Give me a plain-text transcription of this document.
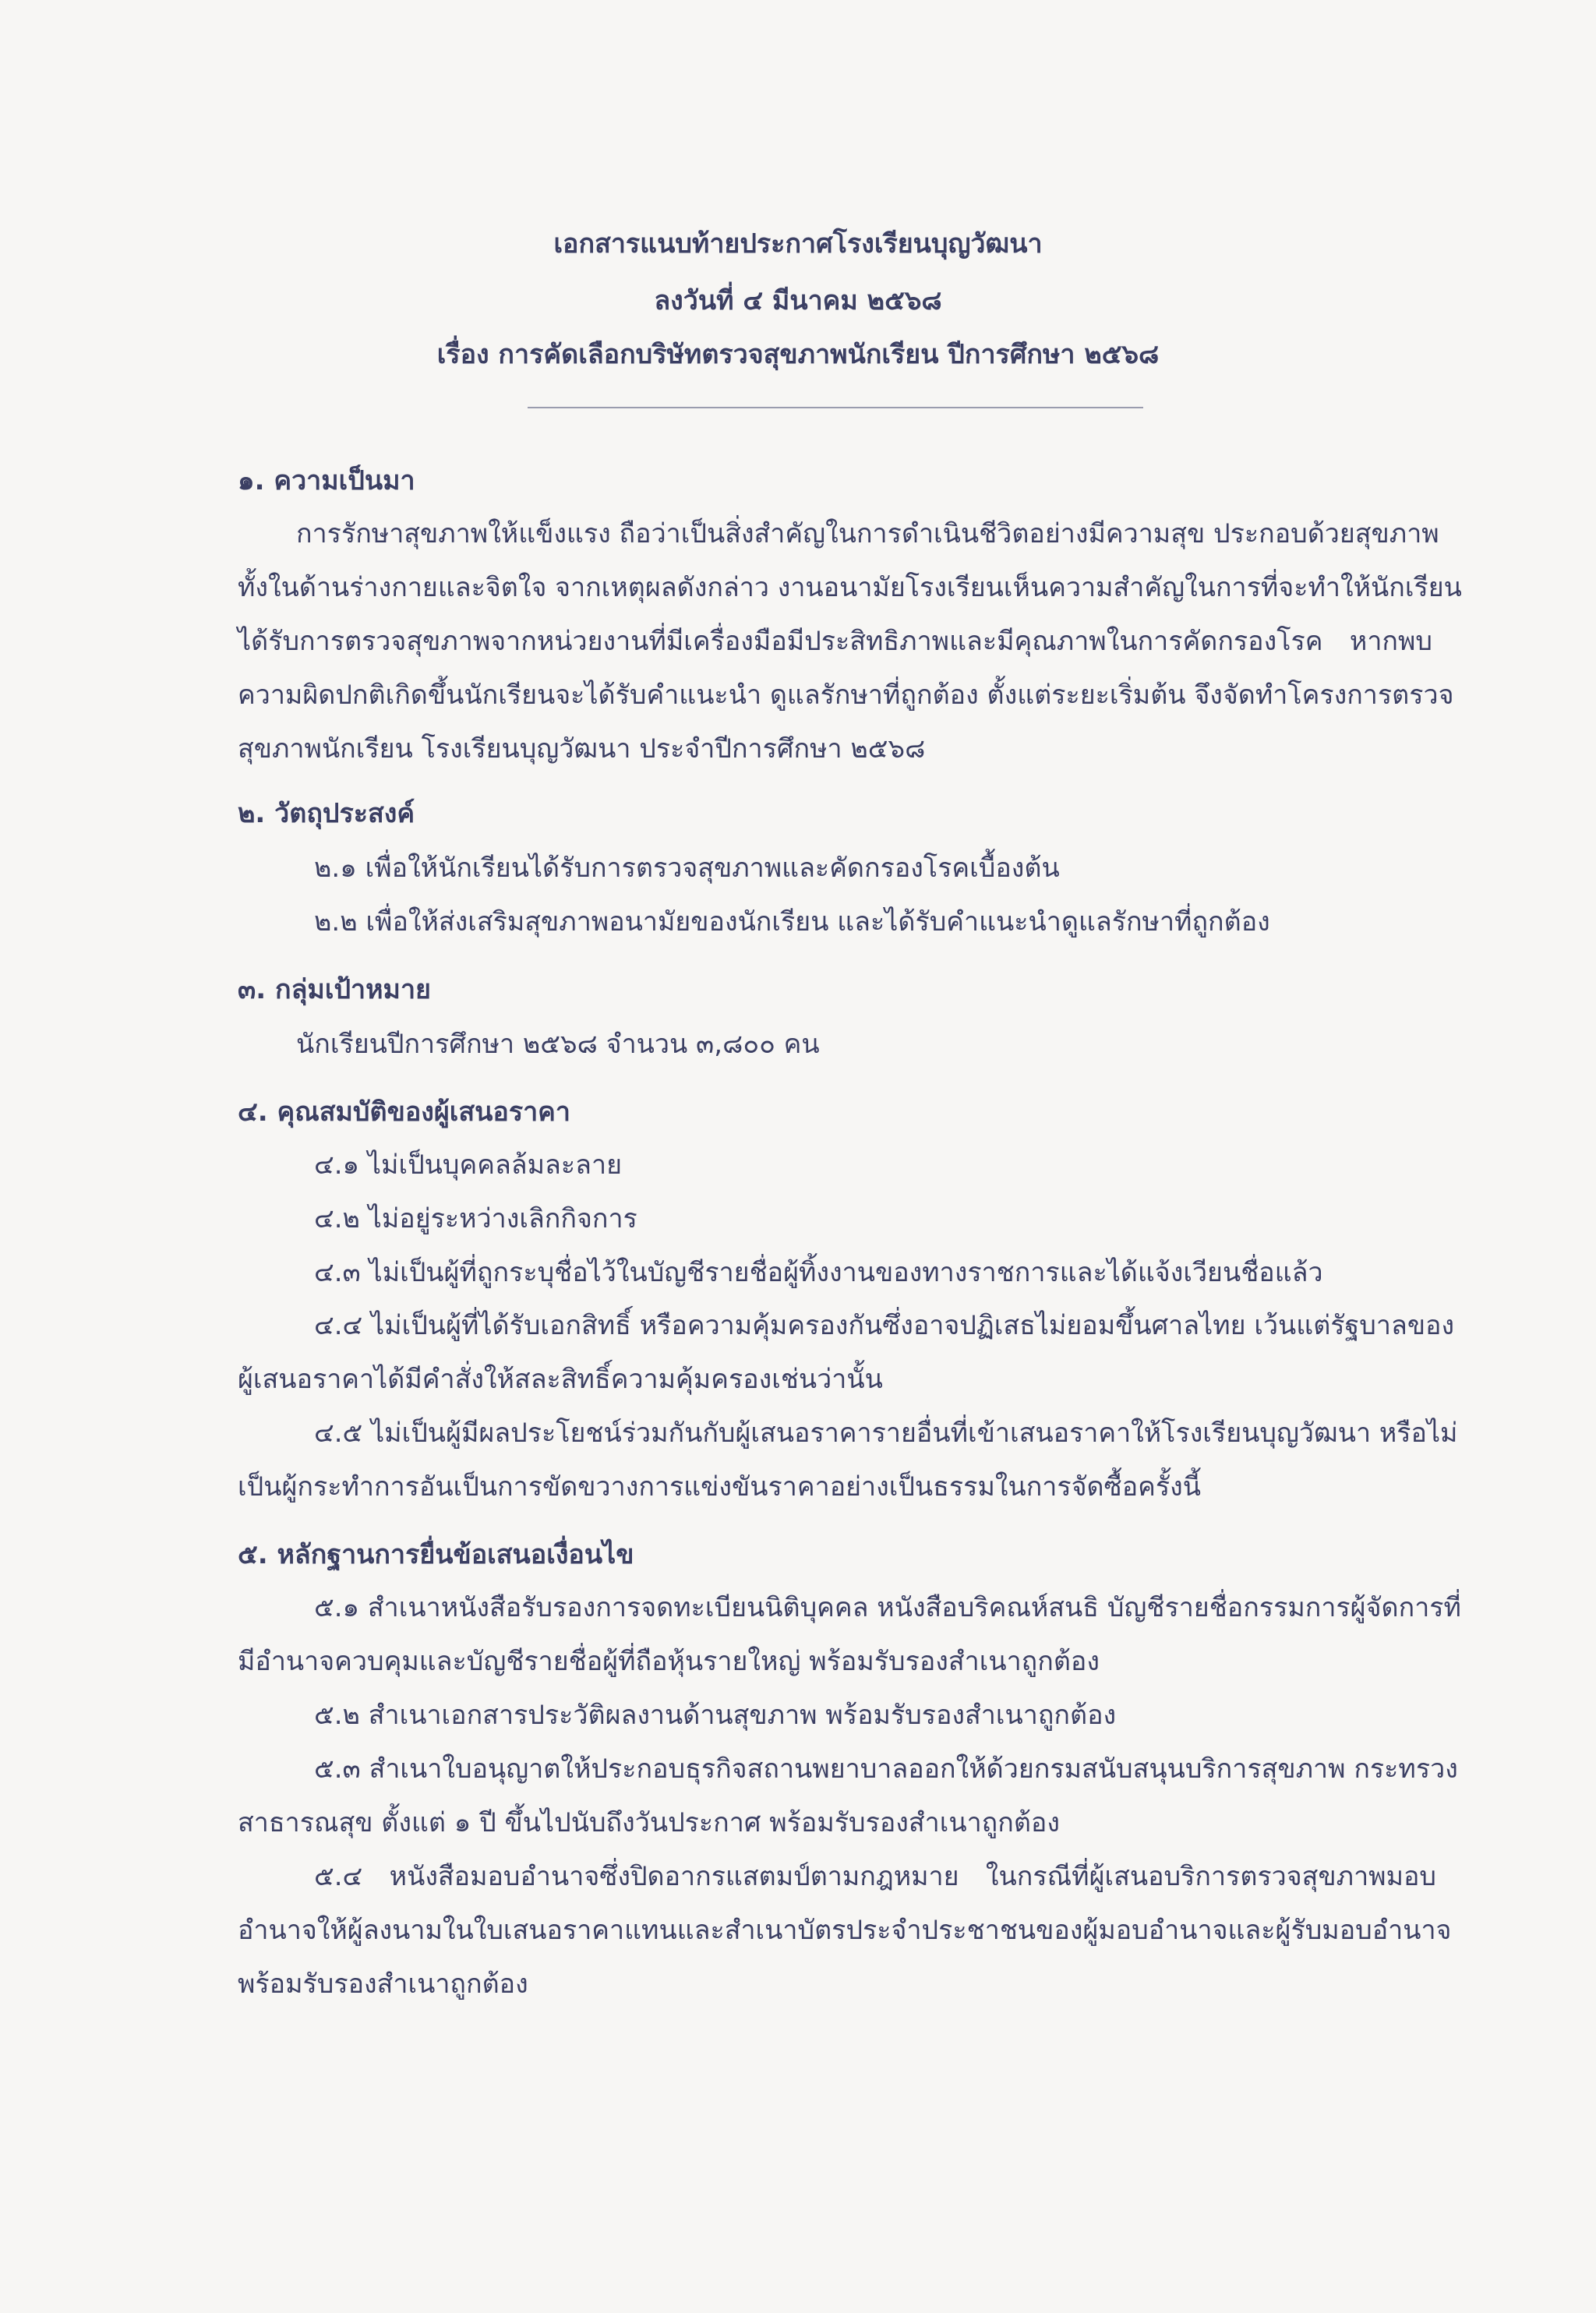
เอกสารแนบท้ายประกาศโรงเรียนบุญวัฒนา
ลงวันที่ ๔ มีนาคม ๒๕๖๘
เรื่อง การคัดเลือกบริษัทตรวจสุขภาพนักเรียน ปีการศึกษา ๒๕๖๘
๑. ความเป็นมา
การรักษาสุขภาพให้แข็งแรง ถือว่าเป็นสิ่งสำคัญในการดำเนินชีวิตอย่างมีความสุข ประกอบด้วยสุขภาพ
ทั้งในด้านร่างกายและจิตใจ จากเหตุผลดังกล่าว งานอนามัยโรงเรียนเห็นความสำคัญในการที่จะทำให้นักเรียน
ได้รับการตรวจสุขภาพจากหน่วยงานที่มีเครื่องมือมีประสิทธิภาพและมีคุณภาพในการคัดกรองโรค หากพบ
ความผิดปกติเกิดขึ้นนักเรียนจะได้รับคำแนะนำ ดูแลรักษาที่ถูกต้อง ตั้งแต่ระยะเริ่มต้น จึงจัดทำโครงการตรวจ
สุขภาพนักเรียน โรงเรียนบุญวัฒนา ประจำปีการศึกษา ๒๕๖๘
๒. วัตถุประสงค์
๒.๑ เพื่อให้นักเรียนได้รับการตรวจสุขภาพและคัดกรองโรคเบื้องต้น
๒.๒ เพื่อให้ส่งเสริมสุขภาพอนามัยของนักเรียน และได้รับคำแนะนำดูแลรักษาที่ถูกต้อง
๓. กลุ่มเป้าหมาย
นักเรียนปีการศึกษา ๒๕๖๘ จำนวน ๓,๘๐๐ คน
๔. คุณสมบัติของผู้เสนอราคา
๔.๑ ไม่เป็นบุคคลล้มละลาย
๔.๒ ไม่อยู่ระหว่างเลิกกิจการ
๔.๓ ไม่เป็นผู้ที่ถูกระบุชื่อไว้ในบัญชีรายชื่อผู้ทิ้งงานของทางราชการและได้แจ้งเวียนชื่อแล้ว
๔.๔ ไม่เป็นผู้ที่ได้รับเอกสิทธิ์ หรือความคุ้มครองกันซึ่งอาจปฏิเสธไม่ยอมขึ้นศาลไทย เว้นแต่รัฐบาลของ
ผู้เสนอราคาได้มีคำสั่งให้สละสิทธิ์ความคุ้มครองเช่นว่านั้น
๔.๕ ไม่เป็นผู้มีผลประโยชน์ร่วมกันกับผู้เสนอราคารายอื่นที่เข้าเสนอราคาให้โรงเรียนบุญวัฒนา หรือไม่
เป็นผู้กระทำการอันเป็นการขัดขวางการแข่งขันราคาอย่างเป็นธรรมในการจัดซื้อครั้งนี้
๕. หลักฐานการยื่นข้อเสนอเงื่อนไข
๕.๑ สำเนาหนังสือรับรองการจดทะเบียนนิติบุคคล หนังสือบริคณห์สนธิ บัญชีรายชื่อกรรมการผู้จัดการที่
มีอำนาจควบคุมและบัญชีรายชื่อผู้ที่ถือหุ้นรายใหญ่ พร้อมรับรองสำเนาถูกต้อง
๕.๒ สำเนาเอกสารประวัติผลงานด้านสุขภาพ พร้อมรับรองสำเนาถูกต้อง
๕.๓ สำเนาใบอนุญาตให้ประกอบธุรกิจสถานพยาบาลออกให้ด้วยกรมสนับสนุนบริการสุขภาพ กระทรวง
สาธารณสุข ตั้งแต่ ๑ ปี ขึ้นไปนับถึงวันประกาศ พร้อมรับรองสำเนาถูกต้อง
๕.๔ หนังสือมอบอำนาจซึ่งปิดอากรแสตมป์ตามกฎหมาย ในกรณีที่ผู้เสนอบริการตรวจสุขภาพมอบ
อำนาจให้ผู้ลงนามในใบเสนอราคาแทนและสำเนาบัตรประจำประชาชนของผู้มอบอำนาจและผู้รับมอบอำนาจ
พร้อมรับรองสำเนาถูกต้อง
